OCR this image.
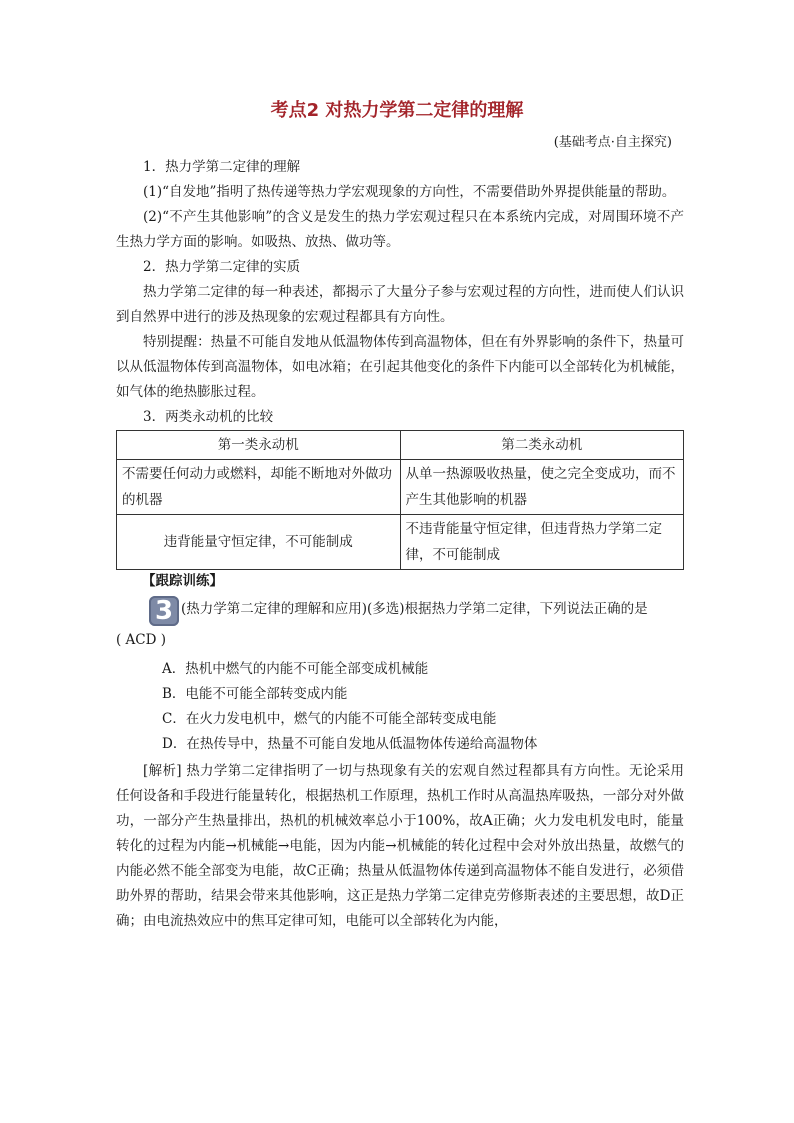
考点2 对热力学第二定律的理解
(基础考点·自主探究)

1．热力学第二定律的理解

(1)“自发地”指明了热传递等热力学宏观现象的方向性，不需要借助外界提供能量的帮助。

(2)“不产生其他影响”的含义是发生的热力学宏观过程只在本系统内完成，对周围环境不产生热力学方面的影响。如吸热、放热、做功等。

2．热力学第二定律的实质

热力学第二定律的每一种表述，都揭示了大量分子参与宏观过程的方向性，进而使人们认识到自然界中进行的涉及热现象的宏观过程都具有方向性。

特别提醒：热量不可能自发地从低温物体传到高温物体，但在有外界影响的条件下，热量可以从低温物体传到高温物体，如电冰箱；在引起其他变化的条件下内能可以全部转化为机械能，如气体的绝热膨胀过程。

3．两类永动机的比较

第一类永动机	第二类永动机
不需要任何动力或燃料，却能不断地对外做功的机器	从单一热源吸收热量，使之完全变成功，而不产生其他影响的机器
违背能量守恒定律，不可能制成	不违背能量守恒定律，但违背热力学第二定律，不可能制成
【跟踪训练】
3 (热力学第二定律的理解和应用)(多选)根据热力学第二定律，下列说法正确的是
( ACD )
A．热机中燃气的内能不可能全部变成机械能
B．电能不可能全部转变成内能
C．在火力发电机中，燃气的内能不可能全部转变成电能
D．在热传导中，热量不可能自发地从低温物体传递给高温物体

[解析] 热力学第二定律指明了一切与热现象有关的宏观自然过程都具有方向性。无论采用任何设备和手段进行能量转化，根据热机工作原理，热机工作时从高温热库吸热，一部分对外做功，一部分产生热量排出，热机的机械效率总小于100%，故A正确；火力发电机发电时，能量转化的过程为内能→机械能→电能，因为内能→机械能的转化过程中会对外放出热量，故燃气的内能必然不能全部变为电能，故C正确；热量从低温物体传递到高温物体不能自发进行，必须借助外界的帮助，结果会带来其他影响，这正是热力学第二定律克劳修斯表述的主要思想，故D正确；由电流热效应中的焦耳定律可知，电能可以全部转化为内能，
